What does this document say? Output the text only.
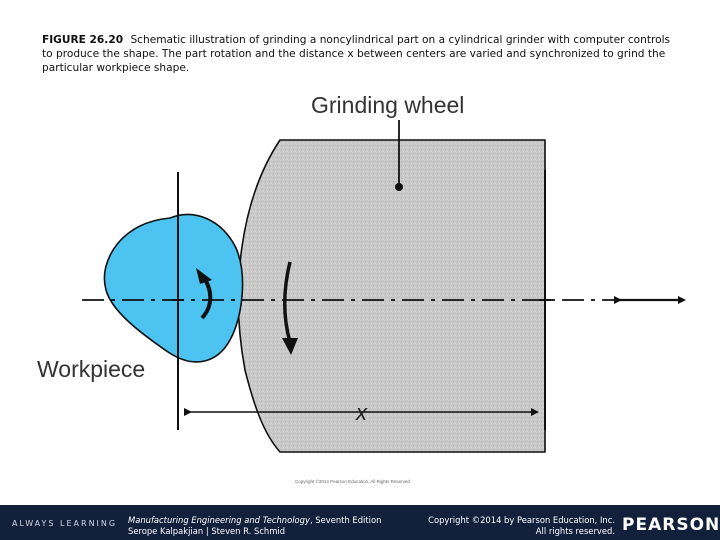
FIGURE 26.20 Schematic illustration of grinding a noncylindrical part on a cylindrical grinder with computer controls to produce the shape. The part rotation and the distance x between centers are varied and synchronized to grind the particular workpiece shape.
Grinding wheel
Workpiece
x
Copyright ©2014 Pearson Education, All Rights Reserved
ALWAYS LEARNING Manufacturing Engineering and Technology, Seventh Edition
Serope Kalpakjian | Steven R. Schmid
Copyright ©2014 by Pearson Education, Inc.
All rights reserved. PEARSON
